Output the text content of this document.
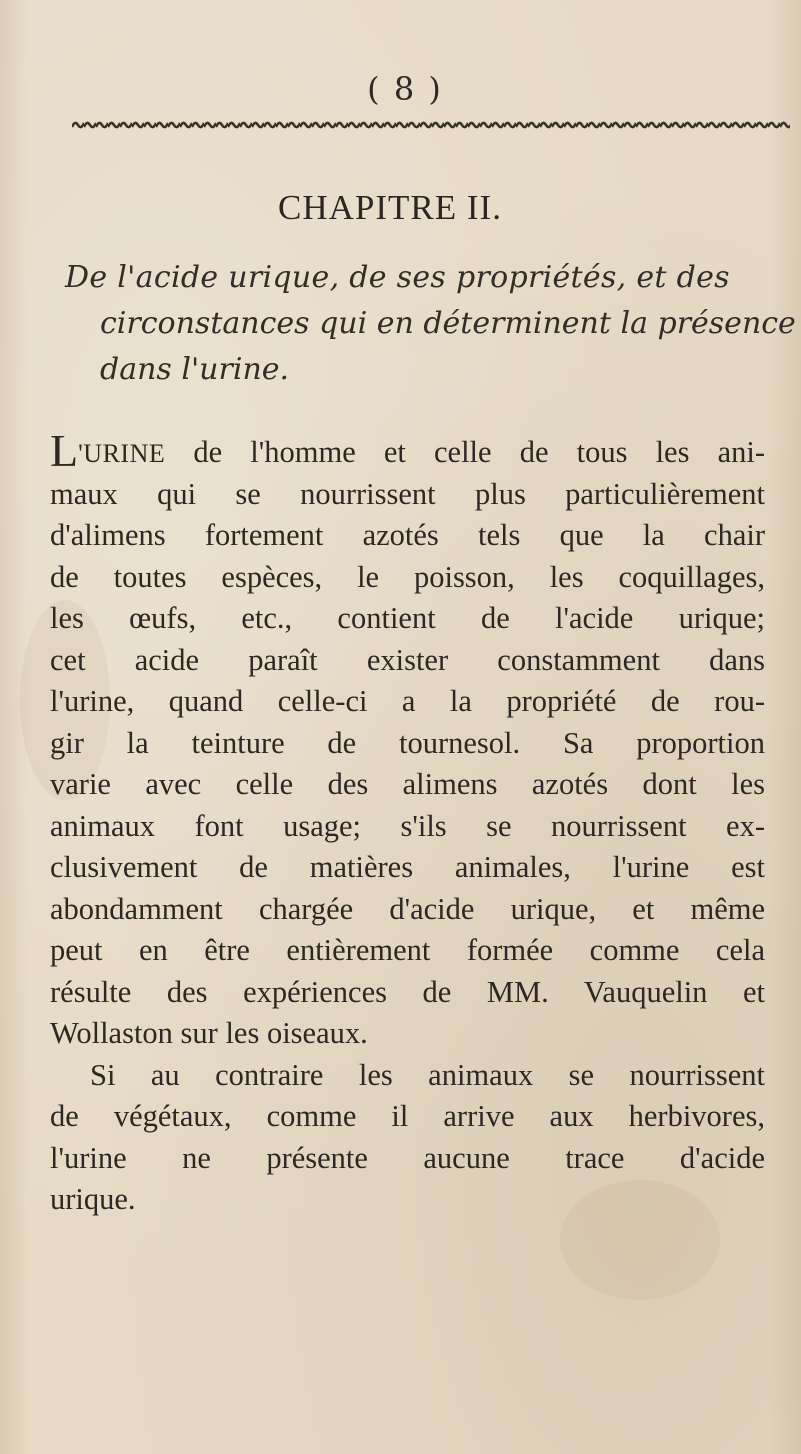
( 8 )
CHAPITRE II.
De l'acide urique, de ses propriétés, et des
circonstances qui en déterminent la présence
dans l'urine.
L'URINE de l'homme et celle de tous les ani-
maux qui se nourrissent plus particulièrement
d'alimens fortement azotés tels que la chair
de toutes espèces, le poisson, les coquillages,
les œufs, etc., contient de l'acide urique;
cet acide paraît exister constamment dans
l'urine, quand celle-ci a la propriété de rou-
gir la teinture de tournesol. Sa proportion
varie avec celle des alimens azotés dont les
animaux font usage; s'ils se nourrissent ex-
clusivement de matières animales, l'urine est
abondamment chargée d'acide urique, et même
peut en être entièrement formée comme cela
résulte des expériences de MM. Vauquelin et
Wollaston sur les oiseaux.
Si au contraire les animaux se nourrissent
de végétaux, comme il arrive aux herbivores,
l'urine ne présente aucune trace d'acide
urique.
